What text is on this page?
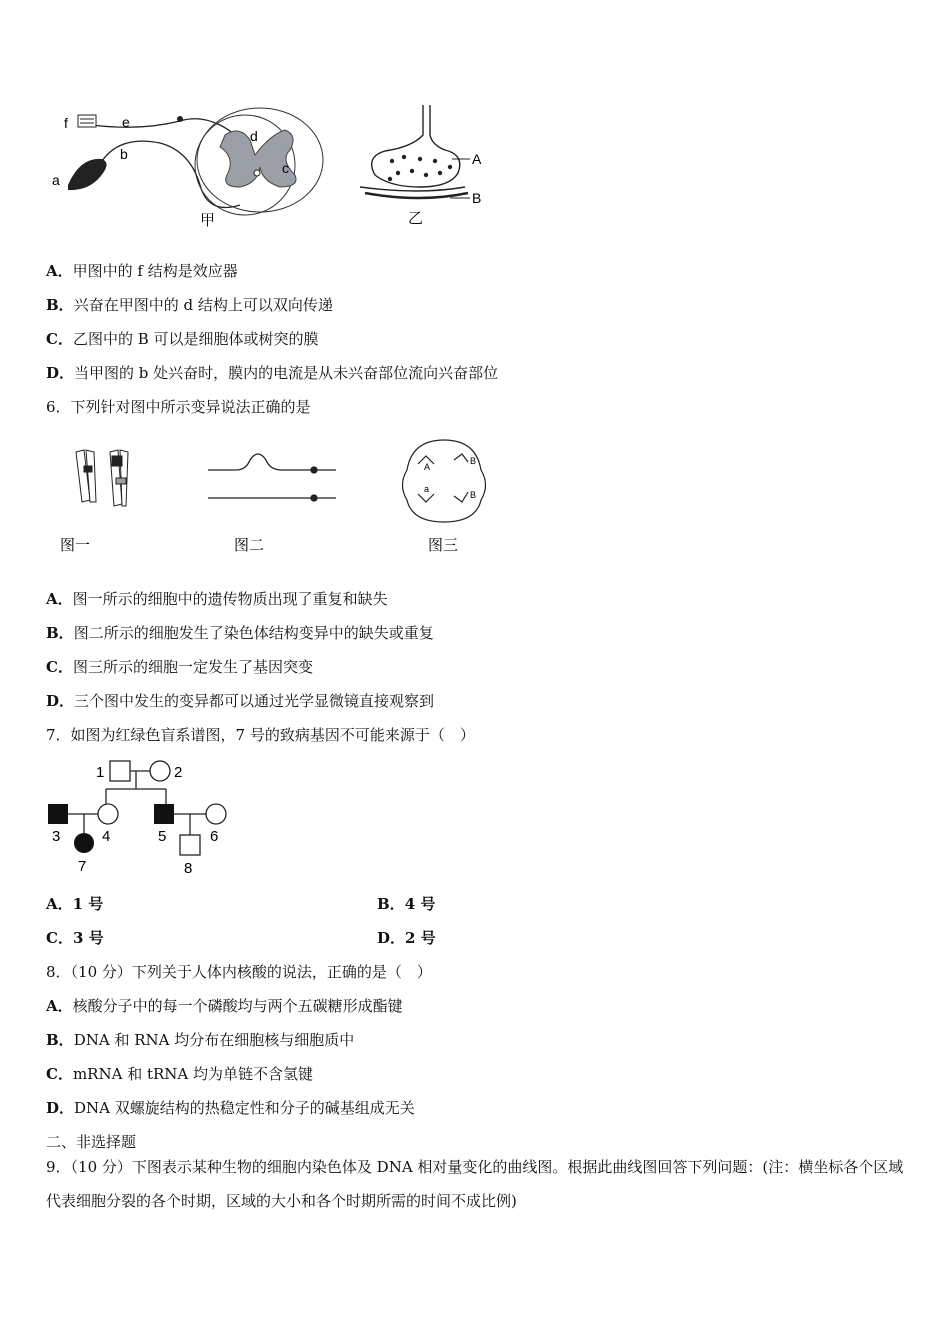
f	e
d
b
a
c
甲
A
B
乙
A．甲图中的 f 结构是效应器
B．兴奋在甲图中的 d 结构上可以双向传递
C．乙图中的 B 可以是细胞体或树突的膜
D．当甲图的 b 处兴奋时，膜内的电流是从未兴奋部位流向兴奋部位
6．下列针对图中所示变异说法正确的是
图一	图二
A
B
a
B
图三
A．图一所示的细胞中的遗传物质出现了重复和缺失
B．图二所示的细胞发生了染色体结构变异中的缺失或重复
C．图三所示的细胞一定发生了基因突变
D．三个图中发生的变异都可以通过光学显微镜直接观察到
7．如图为红绿色盲系谱图，7 号的致病基因不可能来源于（　）
1	2
3	4	5	6
7	8
A．1 号	B．4 号
C．3 号	D．2 号
8．（10 分）下列关于人体内核酸的说法，正确的是（　）
A．核酸分子中的每一个磷酸均与两个五碳糖形成酯键
B．DNA 和 RNA 均分布在细胞核与细胞质中
C．mRNA 和 tRNA 均为单链不含氢键
D．DNA 双螺旋结构的热稳定性和分子的碱基组成无关
二、非选择题
9．（10 分）下图表示某种生物的细胞内染色体及 DNA 相对量变化的曲线图。根据此曲线图回答下列问题：(注：横坐标各个区域代表细胞分裂的各个时期，区域的大小和各个时期所需的时间不成比例)
